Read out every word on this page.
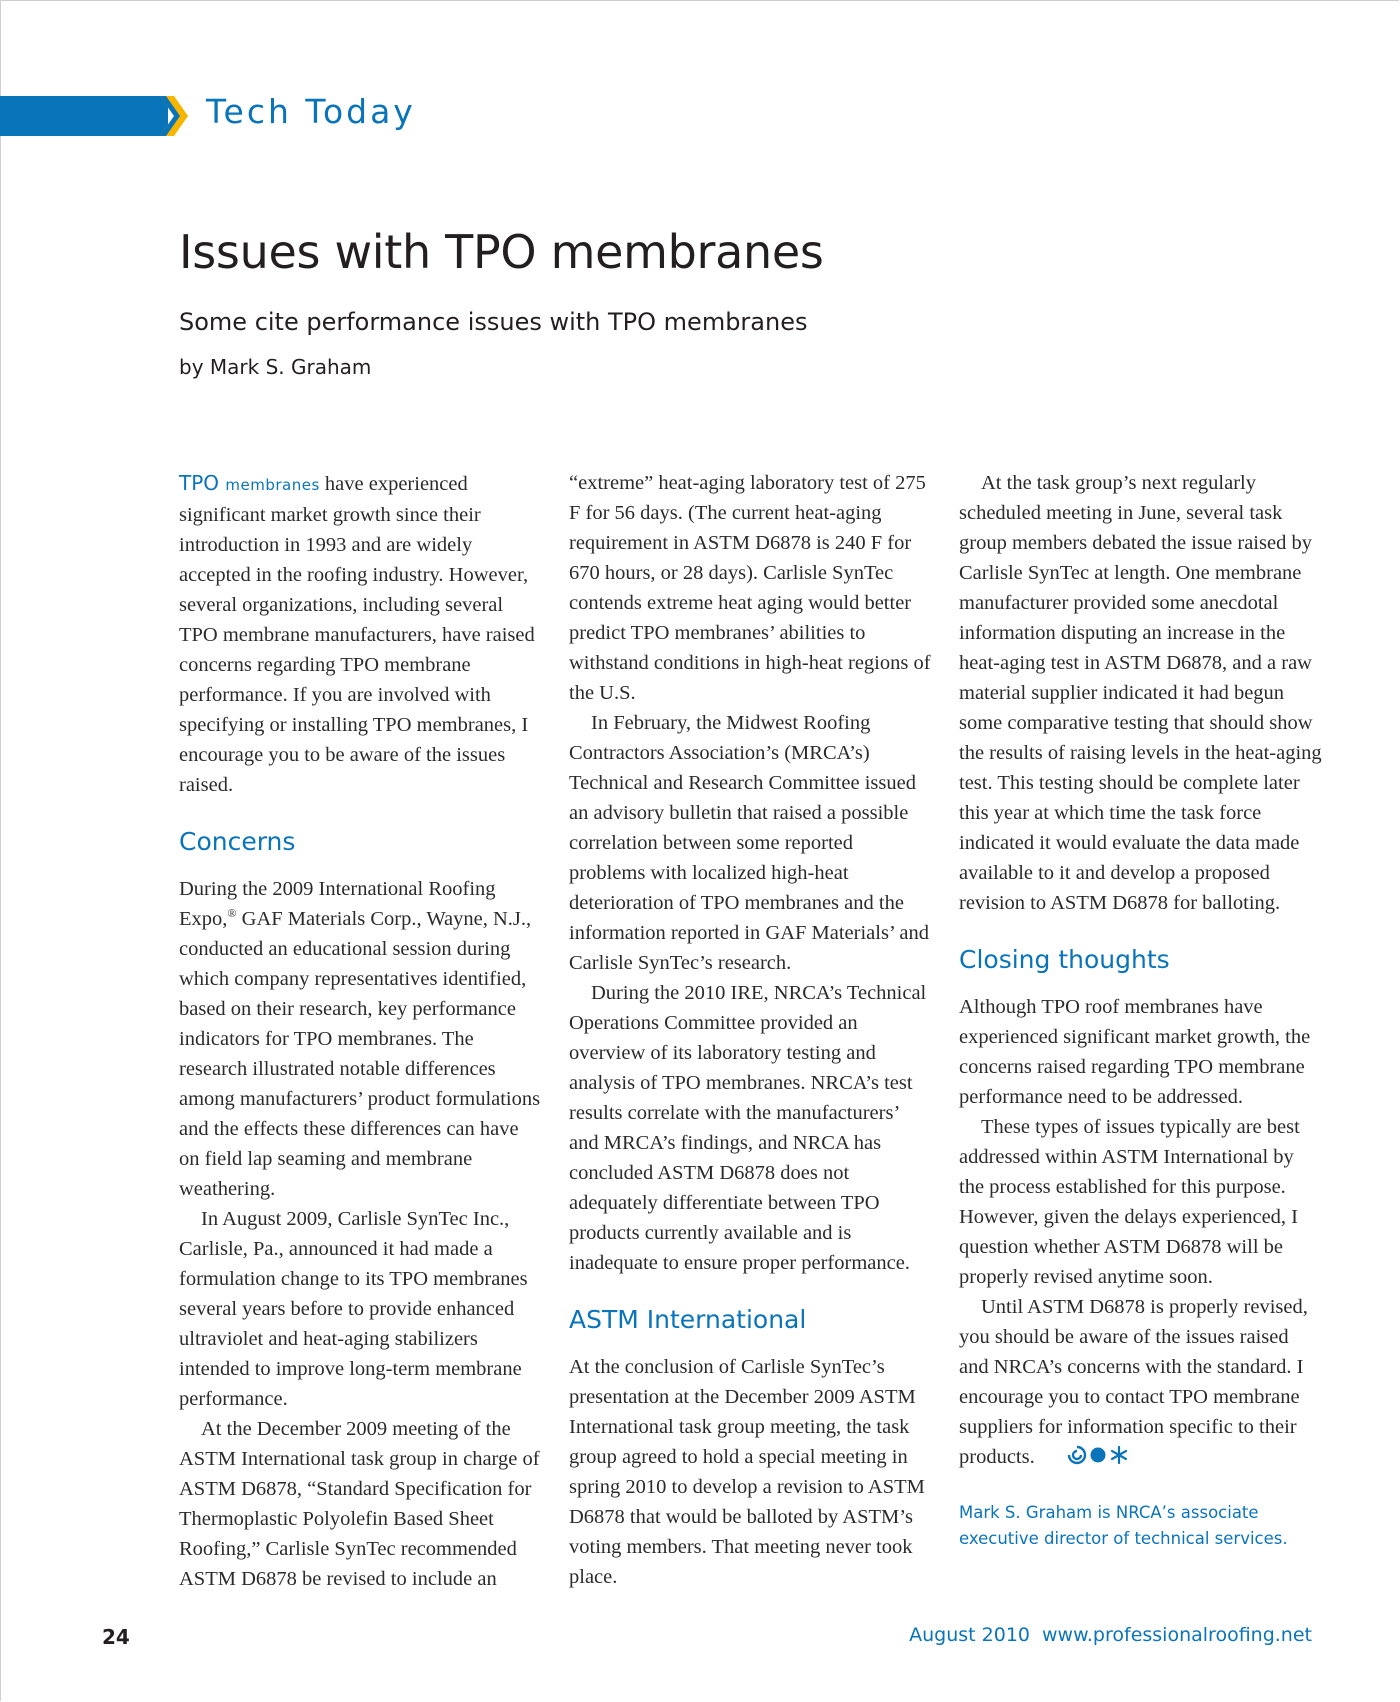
Tech Today
Issues with TPO membranes
Some cite performance issues with TPO membranes
by Mark S. Graham

TPO membranes have experienced significant market growth since their introduction in 1993 and are widely accepted in the roofing industry. However, several organizations, including several TPO membrane manufacturers, have raised concerns regarding TPO membrane performance. If you are involved with specifying or installing TPO membranes, I encourage you to be aware of the issues raised.

Concerns

During the 2009 International Roofing Expo,® GAF Materials Corp., Wayne, N.J., conducted an educational session during which company representatives identified, based on their research, key performance indicators for TPO membranes. The research illustrated notable differences among manufacturers’ product formulations and the effects these differences can have on field lap seaming and membrane weathering.

In August 2009, Carlisle SynTec Inc., Carlisle, Pa., announced it had made a formulation change to its TPO membranes several years before to provide enhanced ultraviolet and heat-aging stabilizers intended to improve long-term membrane performance.

At the December 2009 meeting of the ASTM International task group in charge of ASTM D6878, “Standard Specification for Thermoplastic Polyolefin Based Sheet Roofing,” Carlisle SynTec recommended ASTM D6878 be revised to include an

“extreme” heat-aging laboratory test of 275 F for 56 days. (The current heat-aging requirement in ASTM D6878 is 240 F for 670 hours, or 28 days). Carlisle SynTec contends extreme heat aging would better predict TPO membranes’ abilities to withstand conditions in high-heat regions of the U.S.

In February, the Midwest Roofing Contractors Association’s (MRCA’s) Technical and Research Committee issued an advisory bulletin that raised a possible correlation between some reported problems with localized high-heat deterioration of TPO membranes and the information reported in GAF Materials’ and Carlisle SynTec’s research.

During the 2010 IRE, NRCA’s Technical Operations Committee provided an overview of its laboratory testing and analysis of TPO membranes. NRCA’s test results correlate with the manufacturers’ and MRCA’s findings, and NRCA has concluded ASTM D6878 does not adequately differentiate between TPO products currently available and is inadequate to ensure proper performance.

ASTM International

At the conclusion of Carlisle SynTec’s presentation at the December 2009 ASTM International task group meeting, the task group agreed to hold a special meeting in spring 2010 to develop a revision to ASTM D6878 that would be balloted by ASTM’s voting members. That meeting never took place.

At the task group’s next regularly scheduled meeting in June, several task group members debated the issue raised by Carlisle SynTec at length. One membrane manufacturer provided some anecdotal information disputing an increase in the heat-aging test in ASTM D6878, and a raw material supplier indicated it had begun some comparative testing that should show the results of raising levels in the heat-aging test. This testing should be complete later this year at which time the task force indicated it would evaluate the data made available to it and develop a proposed revision to ASTM D6878 for balloting.

Closing thoughts

Although TPO roof membranes have experienced significant market growth, the concerns raised regarding TPO membrane performance need to be addressed.

These types of issues typically are best addressed within ASTM International by the process established for this purpose. However, given the delays experienced, I question whether ASTM D6878 will be properly revised anytime soon.

Until ASTM D6878 is properly revised, you should be aware of the issues raised and NRCA’s concerns with the standard. I encourage you to contact TPO membrane suppliers for information specific to their products.

Mark S. Graham is NRCA’s associate executive director of technical services.
24	August 2010 www.professionalroofing.net
